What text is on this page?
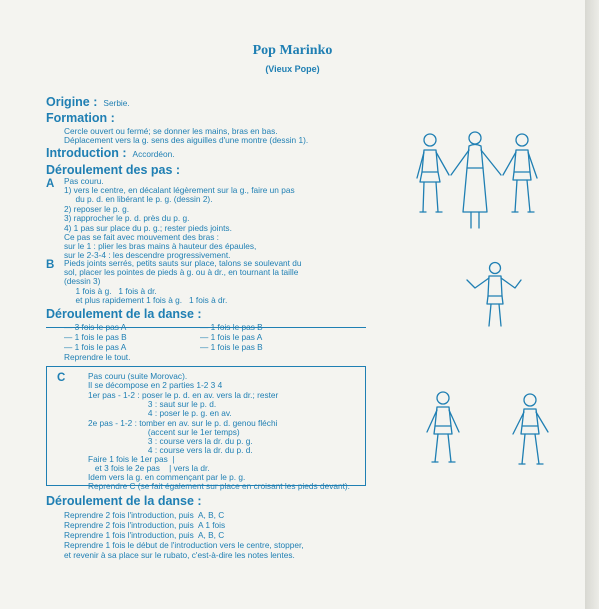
Pop Marinko
(Vieux Pope)
Origine : Serbie.
Formation :
Cercle ouvert ou fermé; se donner les mains, bras en bas.
Déplacement vers la g. sens des aiguilles d'une montre (dessin 1).
Introduction : Accordéon.
Déroulement des pas :
A Pas couru.
1) vers le centre, en décalant légèrement sur la g., faire un pas
du p. d. en libérant le p. g. (dessin 2).
2) reposer le p. g.
3) rapprocher le p. d. près du p. g.
4) 1 pas sur place du p. g.; rester pieds joints.
Ce pas se fait avec mouvement des bras :
sur le 1 : plier les bras mains à hauteur des épaules,
sur le 2-3-4 : les descendre progressivement.
B Pieds joints serrés, petits sauts sur place, talons se soulevant du
sol, placer les pointes de pieds à g. ou à dr., en tournant la taille
(dessin 3)
1 fois à g.   1 fois à dr.
et plus rapidement 1 fois à g.   1 fois à dr.
Déroulement de la danse :
— 3 fois le pas A
— 1 fois le pas B
— 1 fois le pas A
— 1 fois le pas B
— 1 fois le pas A
— 1 fois le pas B
Reprendre le tout.
C	Pas couru (suite Morovac).
Il se décompose en 2 parties 1-2 3 4
1er pas - 1-2 : poser le p. d. en av. vers la dr.; rester
3 : saut sur le p. d.
4 : poser le p. g. en av.
2e pas - 1-2 : tomber en av. sur le p. d. genou fléchi
(accent sur le 1er temps)
3 : course vers la dr. du p. g.
4 : course vers la dr. du p. d.
Faire 1 fois le 1er pas  |
et 3 fois le 2e pas    | vers la dr.
Idem vers la g. en commençant par le p. g.
Reprendre C (se fait également sur place en croisant les pieds devant).
Déroulement de la danse :
Reprendre 2 fois l'introduction, puis  A, B, C
Reprendre 2 fois l'introduction, puis  A 1 fois
Reprendre 1 fois l'introduction, puis  A, B, C
Reprendre 1 fois le début de l'introduction vers le centre, stopper,
et revenir à sa place sur le rubato, c'est-à-dire les notes lentes.
